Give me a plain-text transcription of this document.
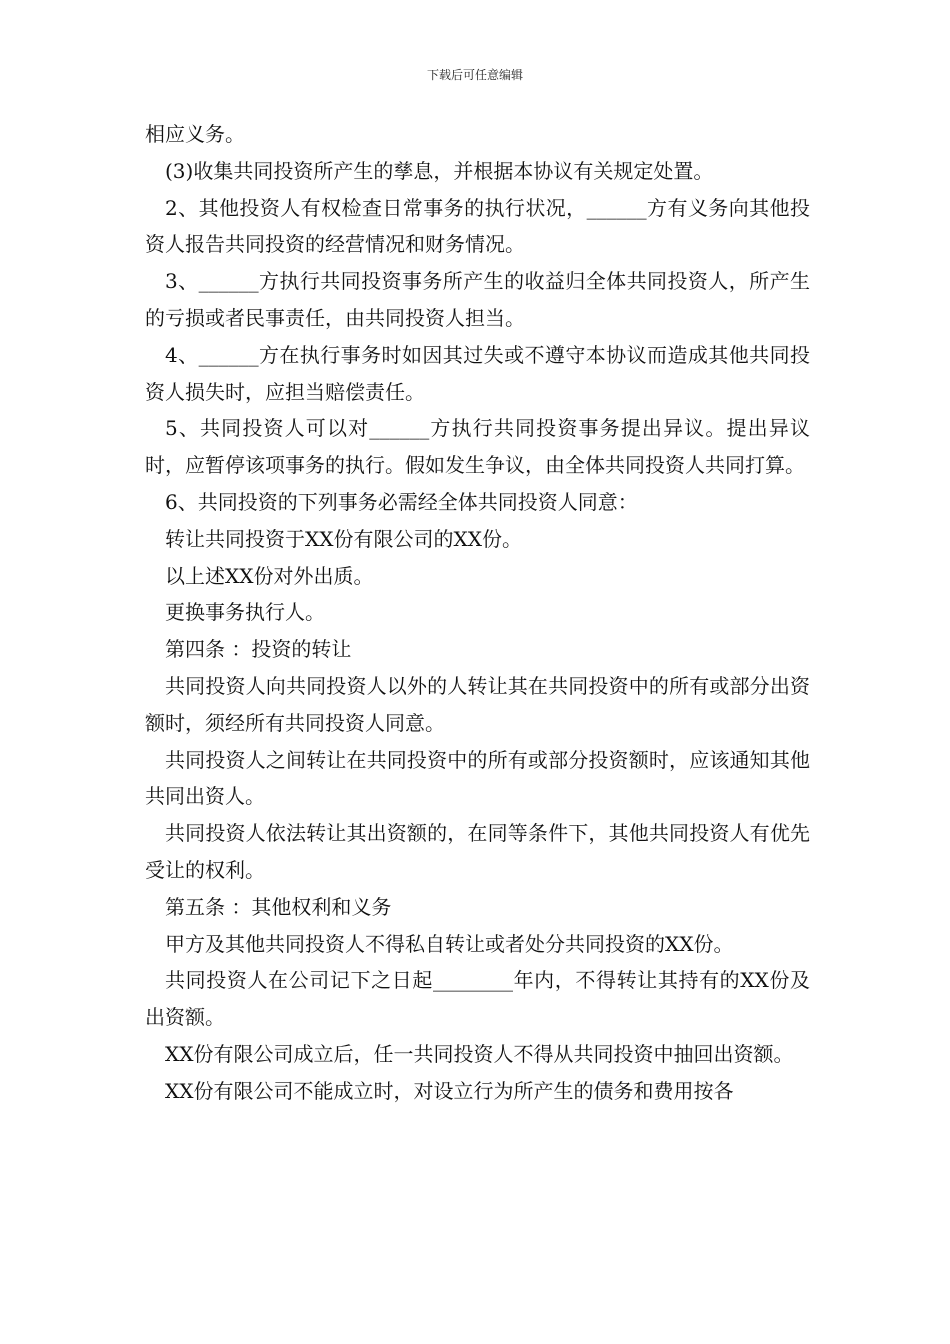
下载后可任意编辑

相应义务。

(3)收集共同投资所产生的孳息，并根据本协议有关规定处置。

2、其他投资人有权检查日常事务的执行状况，______方有义务向其他投资人报告共同投资的经营情况和财务情况。

3、______方执行共同投资事务所产生的收益归全体共同投资人，所产生的亏损或者民事责任，由共同投资人担当。

4、______方在执行事务时如因其过失或不遵守本协议而造成其他共同投资人损失时，应担当赔偿责任。

5、共同投资人可以对______方执行共同投资事务提出异议。提出异议时，应暂停该项事务的执行。假如发生争议，由全体共同投资人共同打算。

6、共同投资的下列事务必需经全体共同投资人同意：

转让共同投资于XX份有限公司的XX份。

以上述XX份对外出质。

更换事务执行人。

第四条 ：投资的转让

共同投资人向共同投资人以外的人转让其在共同投资中的所有或部分出资额时，须经所有共同投资人同意。

共同投资人之间转让在共同投资中的所有或部分投资额时，应该通知其他共同出资人。

共同投资人依法转让其出资额的，在同等条件下，其他共同投资人有优先受让的权利。

第五条 ：其他权利和义务

甲方及其他共同投资人不得私自转让或者处分共同投资的XX份。

共同投资人在公司记下之日起________年内，不得转让其持有的XX份及出资额。

XX份有限公司成立后，任一共同投资人不得从共同投资中抽回出资额。

XX份有限公司不能成立时，对设立行为所产生的债务和费用按各
